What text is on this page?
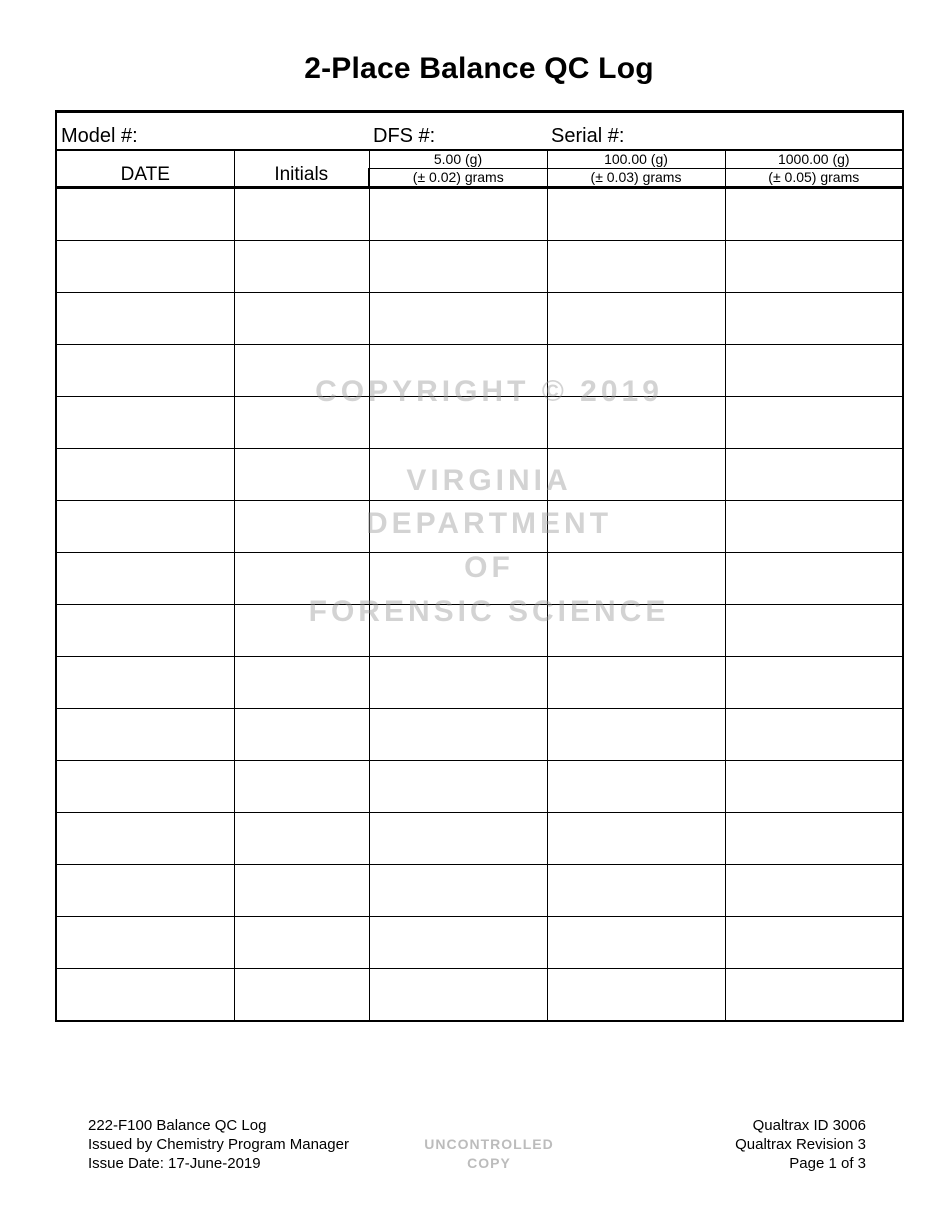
2-Place Balance QC Log
Model #: DFS #: Serial #:				

DATE	Initials	5.00 (g)	100.00 (g)	1000.00 (g)
		(± 0.02) grams	(± 0.03) grams	(± 0.05) grams

COPYRIGHT © 2019
VIRGINIA
DEPARTMENT
OF
FORENSIC SCIENCE
222-F100 Balance QC Log
Issued by Chemistry Program Manager
Issue Date: 17-June-2019
UNCONTROLLED
COPY
Qualtrax ID 3006
Qualtrax Revision 3
Page 1 of 3
